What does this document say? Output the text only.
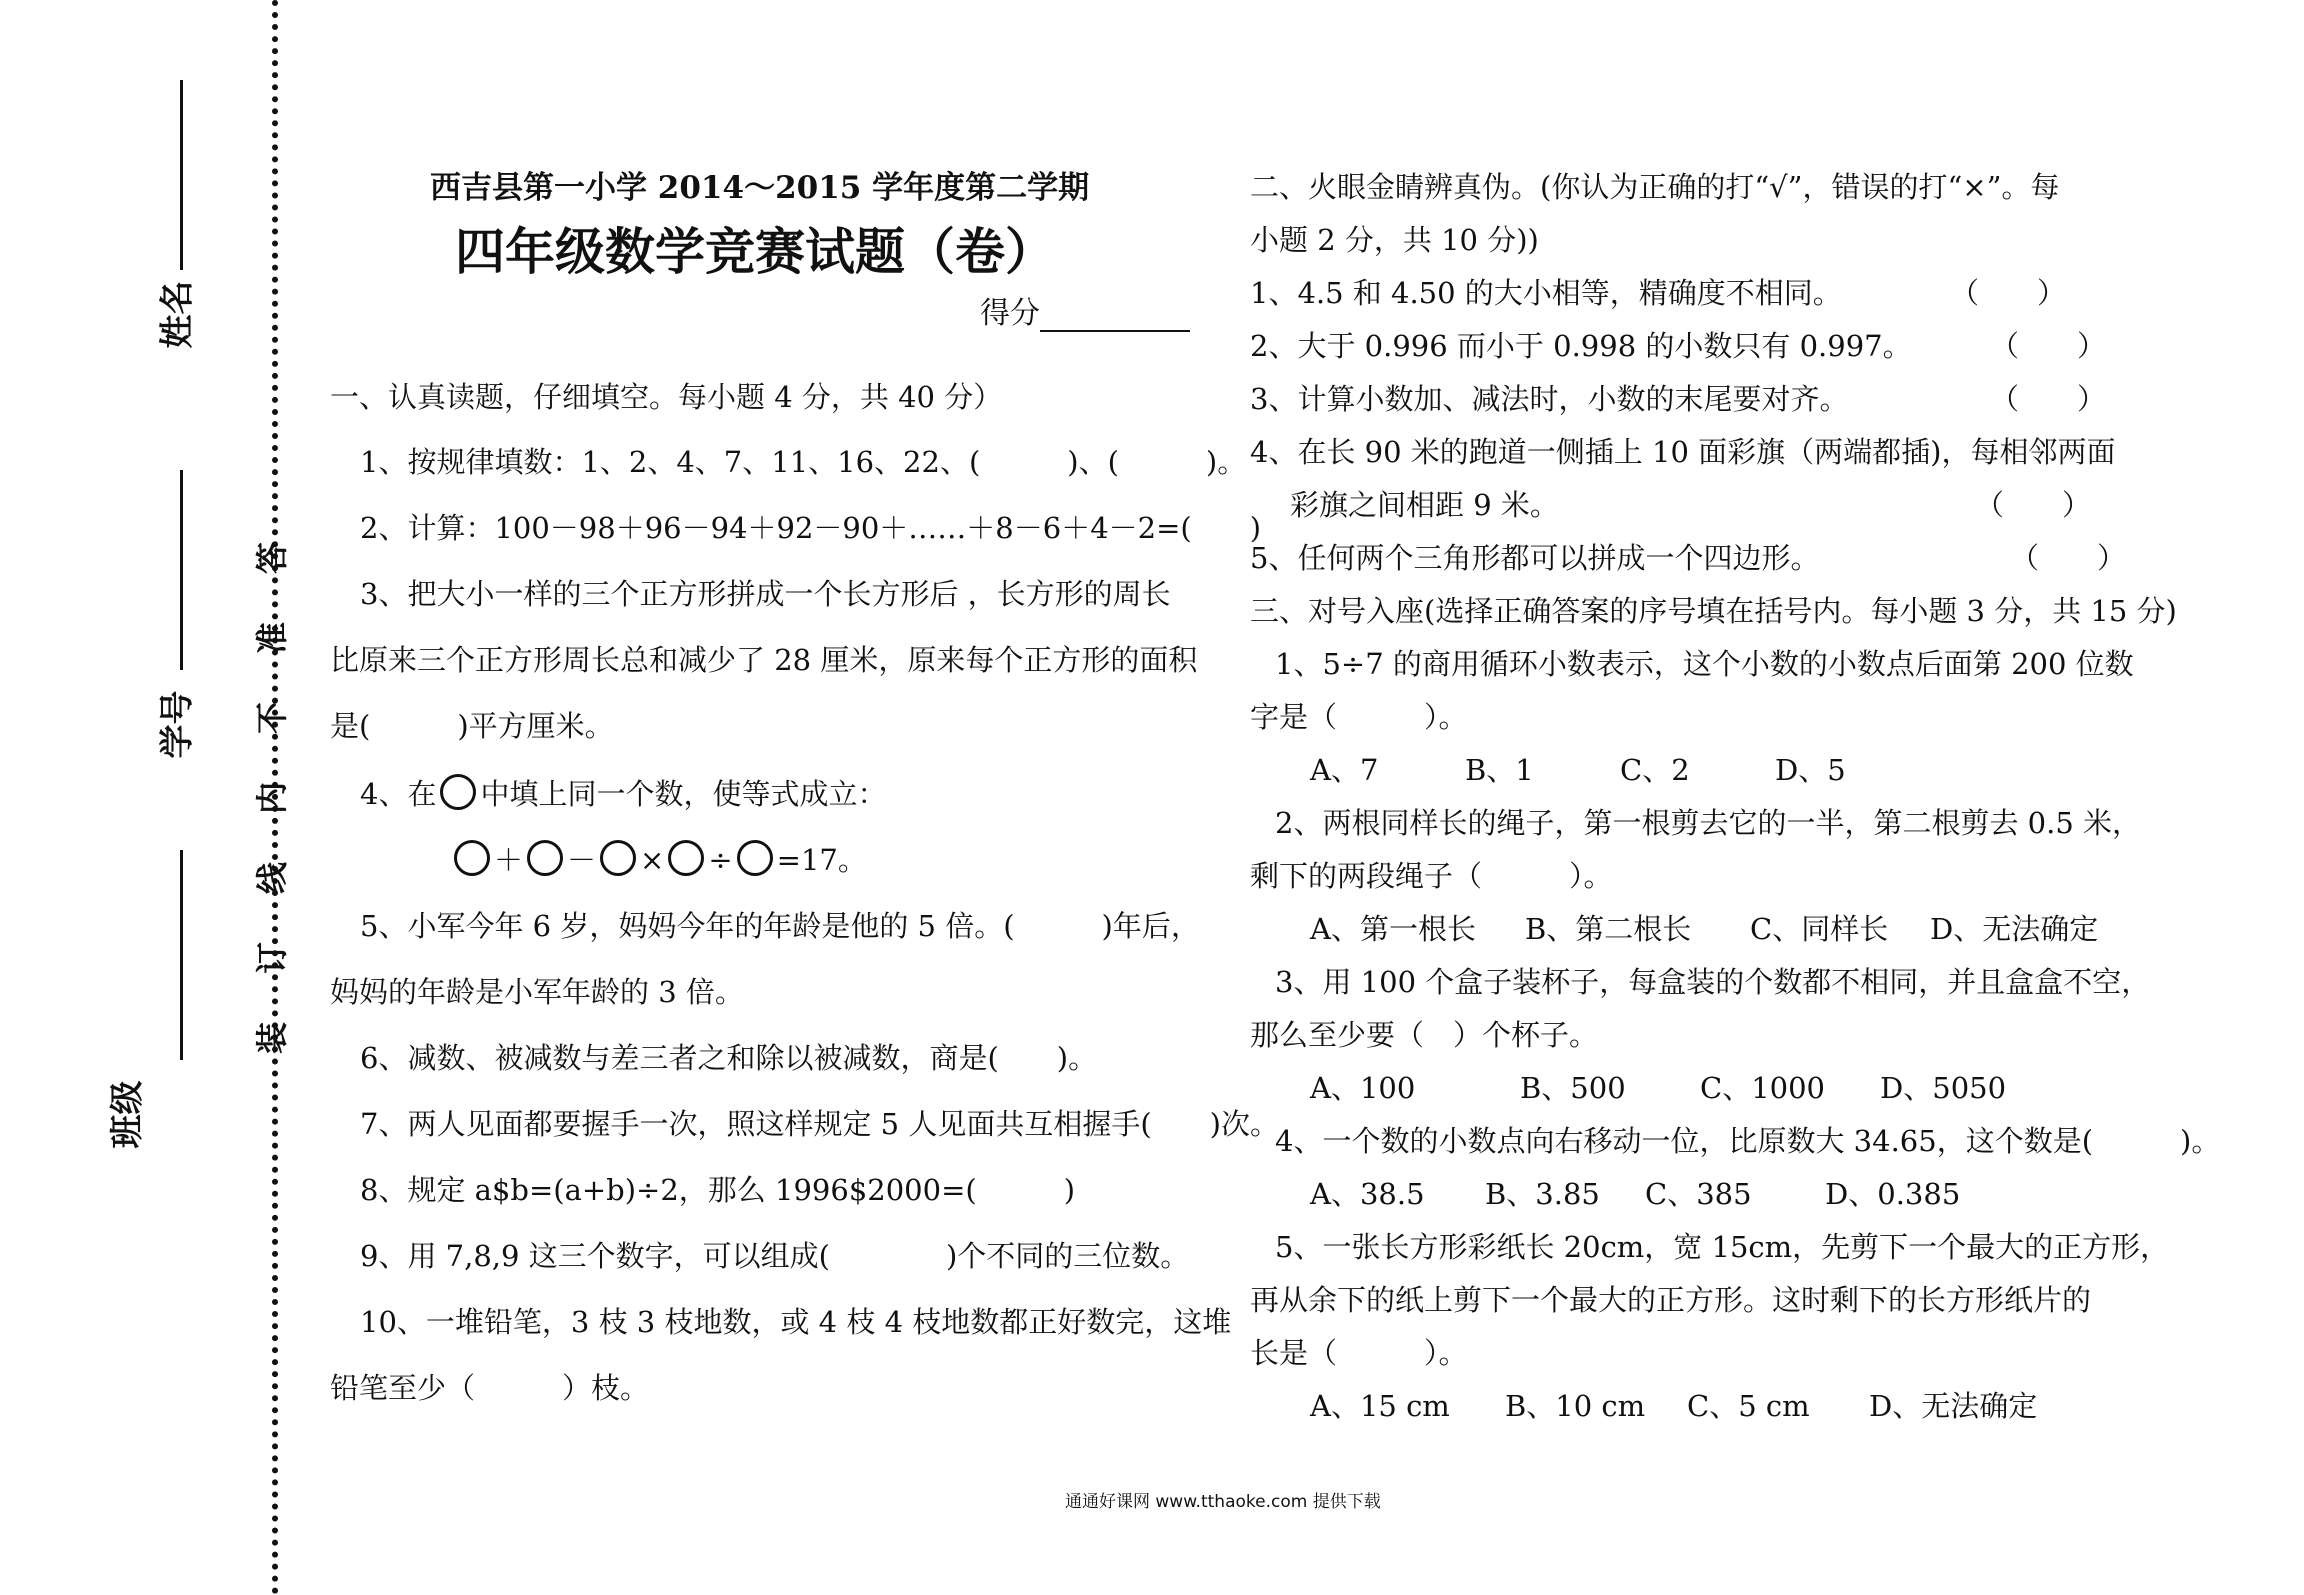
姓名
学号
班级
答
准
不
内
线
订
装
西吉县第一小学 2014～2015 学年度第二学期
四年级数学竞赛试题（卷）
得分
一、认真读题，仔细填空。每小题 4 分，共 40 分）
1、按规律填数：1、2、4、7、11、16、22、(　　　)、(　　　)。
2、计算：100－98＋96－94＋92－90＋……＋8－6＋4－2=(　　)
3、把大小一样的三个正方形拼成一个长方形后 ，长方形的周长
比原来三个正方形周长总和减少了 28 厘米，原来每个正方形的面积
是(　　　)平方厘米。
4、在 中填上同一个数，使等式成立：
＋ － × ÷ =17。
5、小军今年 6 岁，妈妈今年的年龄是他的 5 倍。(　　　)年后，
妈妈的年龄是小军年龄的 3 倍。
6、减数、被减数与差三者之和除以被减数，商是(　　)。
7、两人见面都要握手一次，照这样规定 5 人见面共互相握手(　　)次。
8、规定 a$b=(a+b)÷2，那么 1996$2000=(　　　)
9、用 7,8,9 这三个数字，可以组成(　　　　)个不同的三位数。
10、一堆铅笔，3 枝 3 枝地数，或 4 枝 4 枝地数都正好数完，这堆
铅笔至少（　　　）枝。
二、火眼金睛辨真伪。(你认为正确的打“√”，错误的打“×”。每
小题 2 分，共 10 分))
1、4.5 和 4.50 的大小相等，精确度不相同。	（　　）
2、大于 0.996 而小于 0.998 的小数只有 0.997。	（　　）
3、计算小数加、减法时，小数的末尾要对齐。	（　　）
4、在长 90 米的跑道一侧插上 10 面彩旗（两端都插)，每相邻两面
彩旗之间相距 9 米。	（　　）
5、任何两个三角形都可以拼成一个四边形。	（　　）
三、对号入座(选择正确答案的序号填在括号内。每小题 3 分，共 15 分)
1、5÷7 的商用循环小数表示，这个小数的小数点后面第 200 位数
字是（　　　）。
A、7	B、1	C、2	D、5
2、两根同样长的绳子，第一根剪去它的一半，第二根剪去 0.5 米，
剩下的两段绳子（　　　）。
A、第一根长 B、第二根长 C、同样长 D、无法确定
3、用 100 个盒子装杯子，每盒装的个数都不相同，并且盒盒不空，
那么至少要（　）个杯子。
A、100	B、500	C、1000 D、5050
4、一个数的小数点向右移动一位，比原数大 34.65，这个数是(　　　)。
A、38.5 B、3.85 C、385	D、0.385
5、一张长方形彩纸长 20cm，宽 15cm，先剪下一个最大的正方形，
再从余下的纸上剪下一个最大的正方形。这时剩下的长方形纸片的
长是（　　　）。
A、15 cm B、10 cm C、5 cm D、无法确定
通通好课网 www.tthaoke.com 提供下载
